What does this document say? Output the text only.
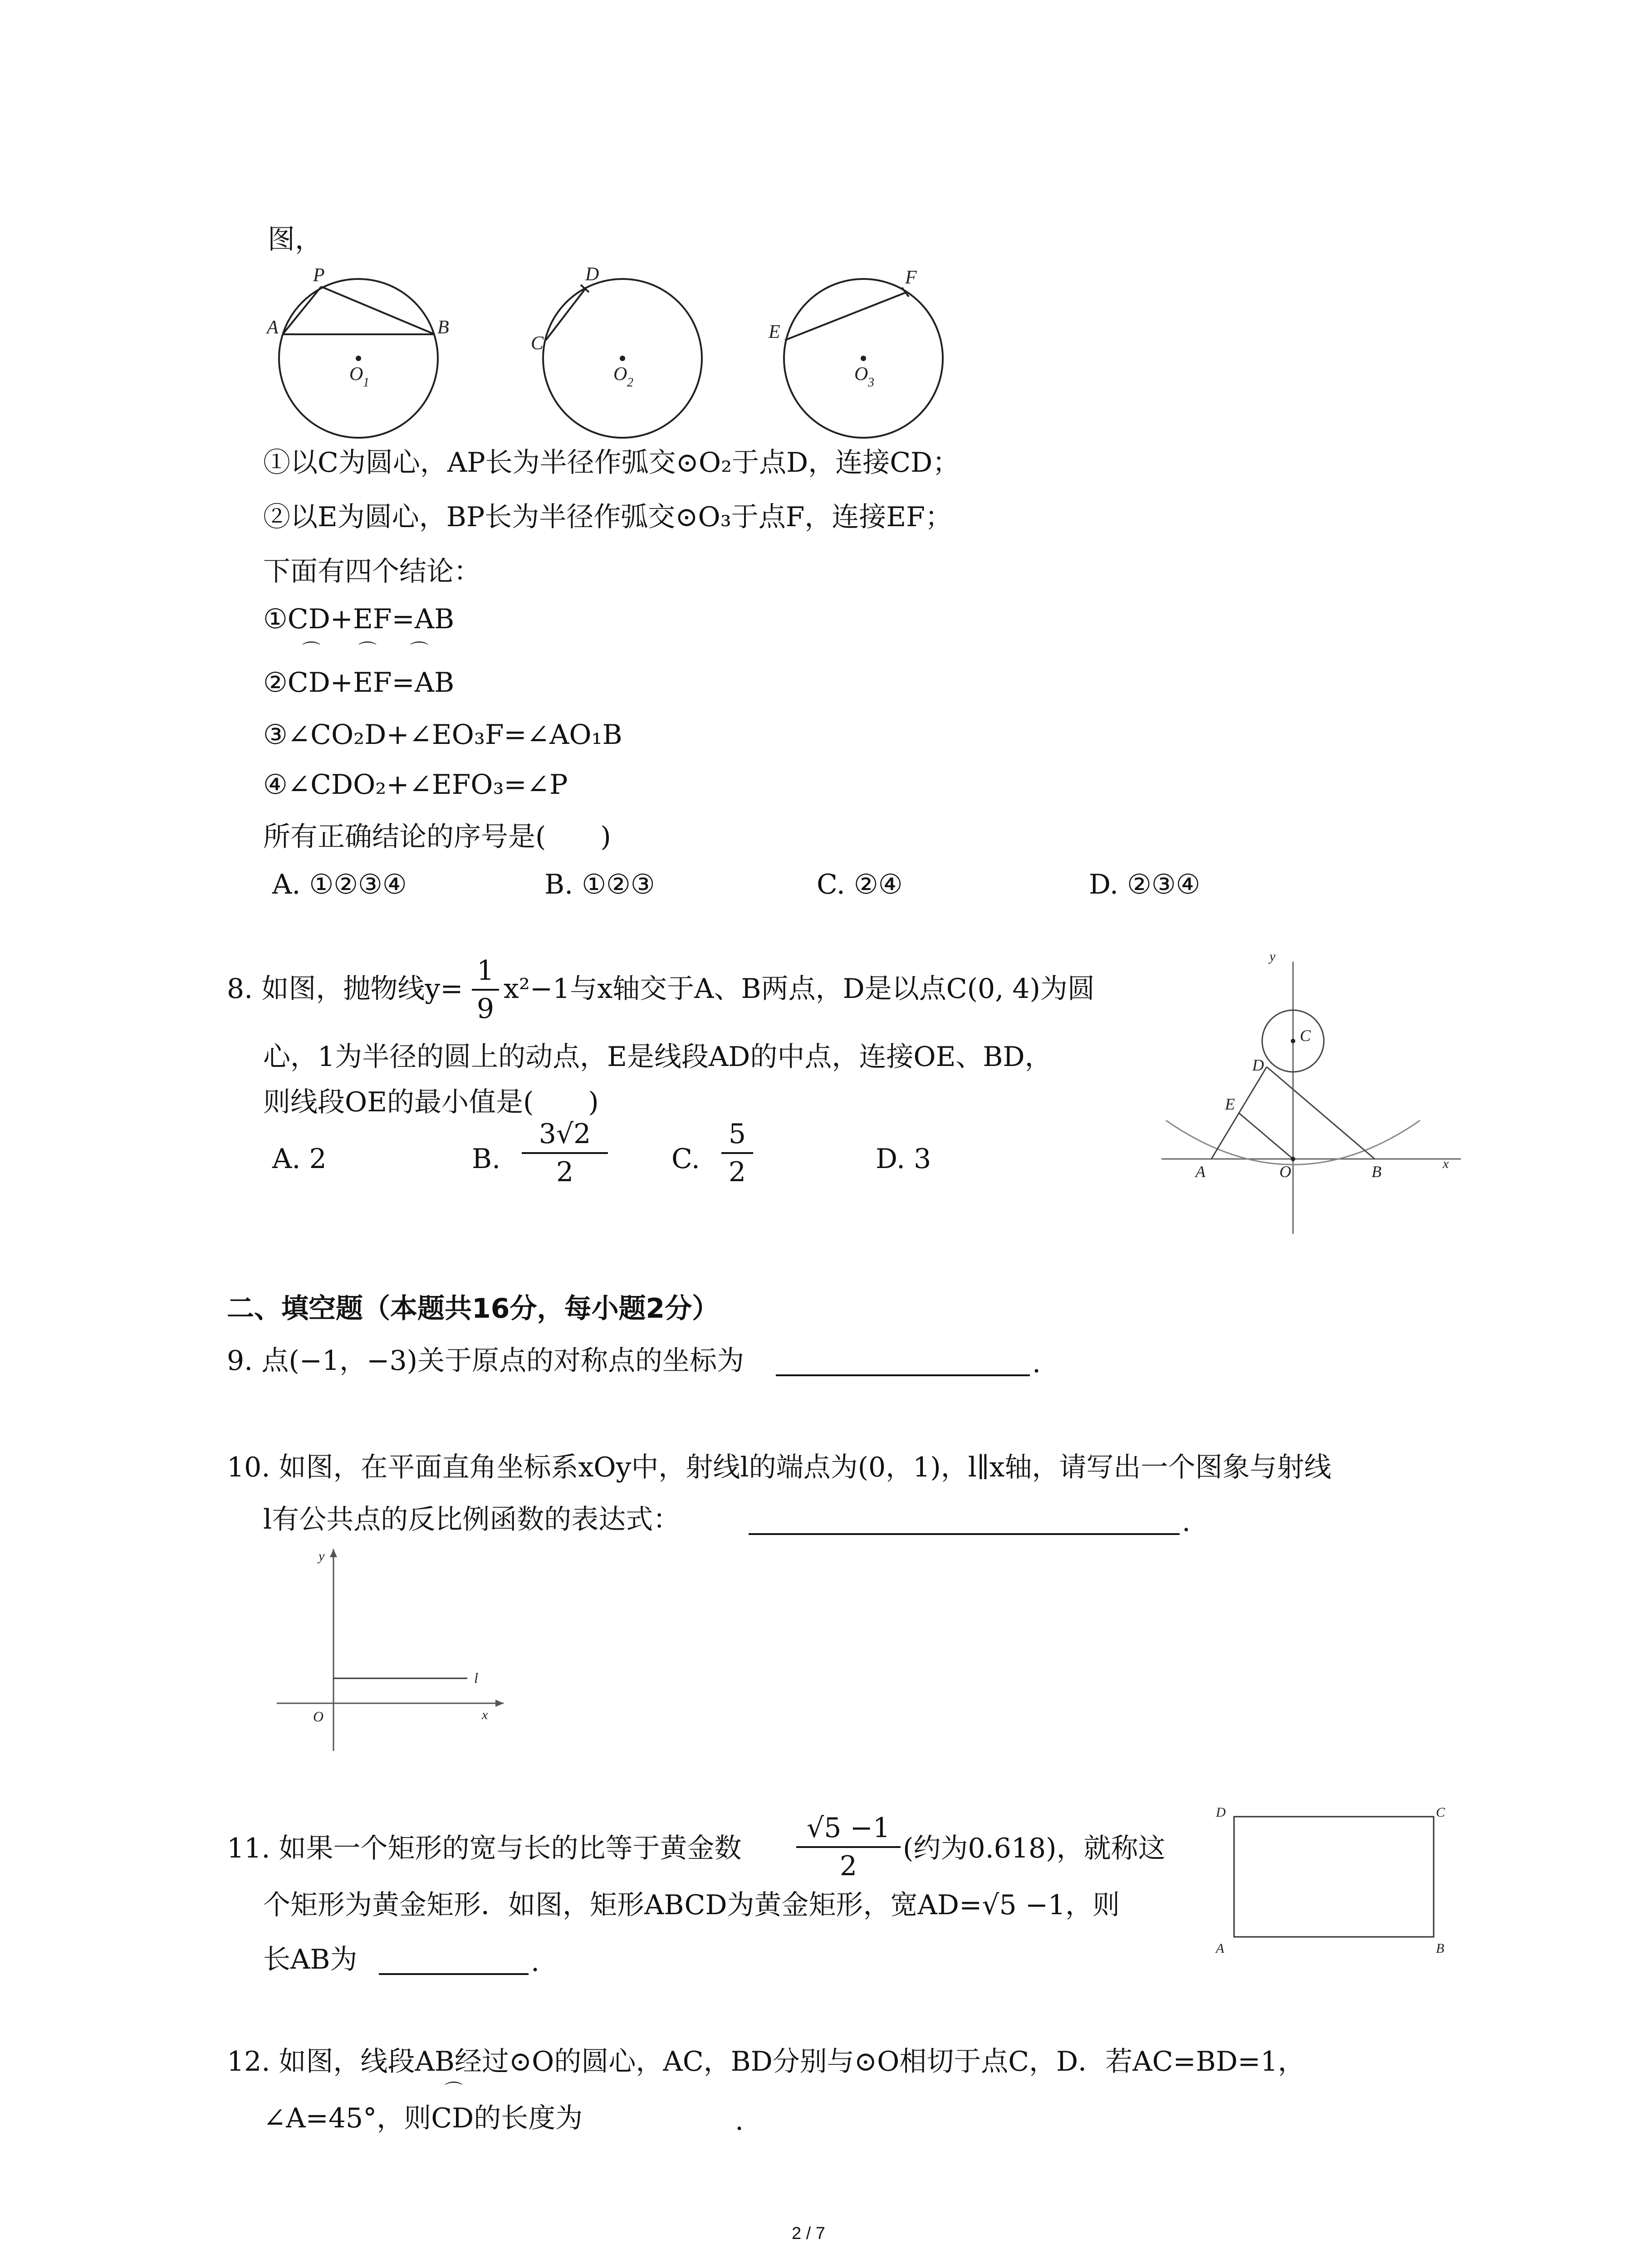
图，
P
A	B
O 1
D
C
O 2
F
E
O 3
①以C为圆心，AP长为半径作弧交⊙O₂于点D，连接CD；
②以E为圆心，BP长为半径作弧交⊙O₃于点F，连接EF；
下面有四个结论：
①CD+EF=AB
⌒ ⌒ ⌒
②CD+EF=AB
③∠CO₂D+∠EO₃F=∠AO₁B
④∠CDO₂+∠EFO₃=∠P
所有正确结论的序号是(　　)
A. ①②③④	B. ①②③	C. ②④	D. ②③④
8. 如图，抛物线y=
1
9
x²−1与x轴交于A、B两点，D是以点C(0, 4)为圆
心，1为半径的圆上的动点，E是线段AD的中点，连接OE、BD，
则线段OE的最小值是(　　)
A. 2	B.
3√2
2	C.
5
2	D. 3
y
x
C
D
E
A	O	B
二、填空题（本题共16分，每小题2分）
9. 点(−1，−3)关于原点的对称点的坐标为	.
10. 如图，在平面直角坐标系xOy中，射线l的端点为(0，1)，l∥x轴，请写出一个图象与射线
l有公共点的反比例函数的表达式：	.
y
O	x
l
11. 如果一个矩形的宽与长的比等于黄金数
√5 −1
2
(约为0.618)，就称这
个矩形为黄金矩形．如图，矩形ABCD为黄金矩形，宽AD=√5 −1，则
长AB为	.
D	C
A	B
12. 如图，线段AB经过⊙O的圆心，AC，BD分别与⊙O相切于点C，D．若AC=BD=1，
⌒
∠A=45°，则CD的长度为	.
2 / 7
